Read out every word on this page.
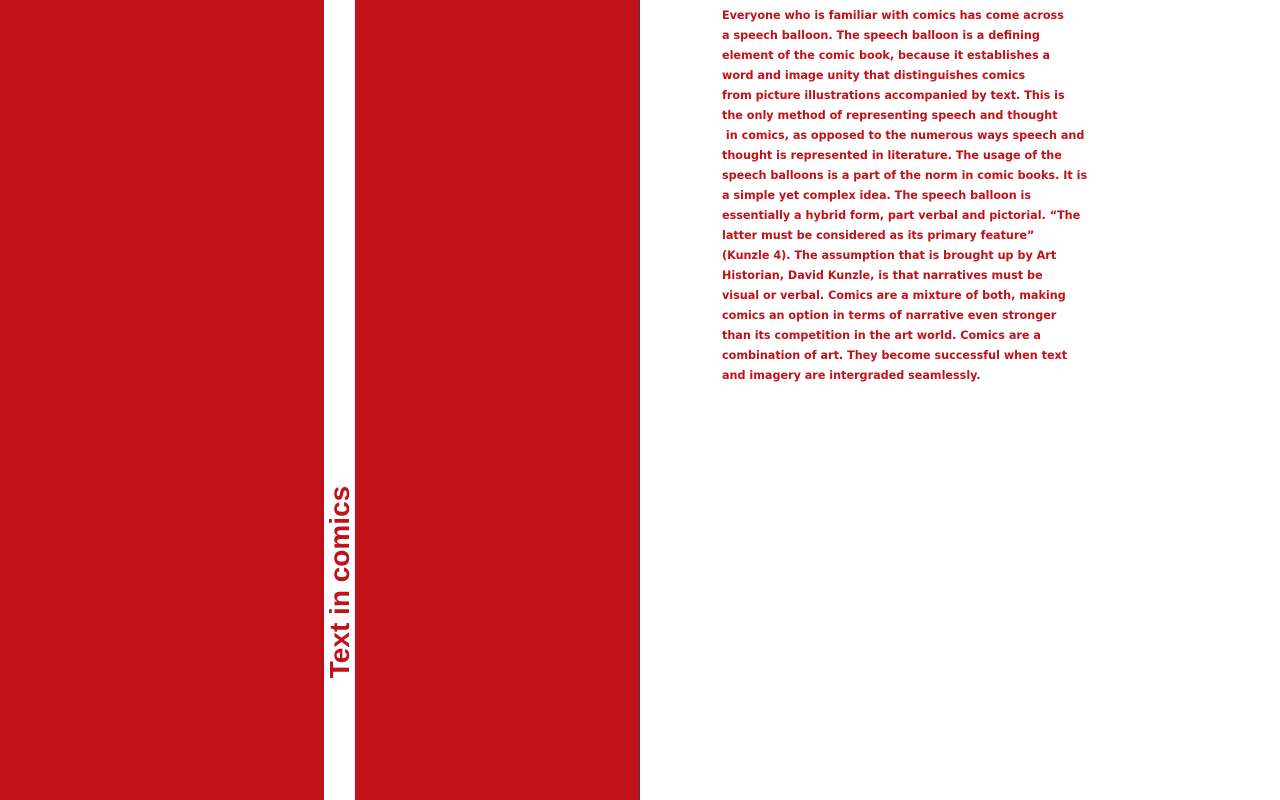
Text in comics
Everyone who is familiar with comics has come across
a speech balloon. The speech balloon is a defining
element of the comic book, because it establishes a
word and image unity that distinguishes comics
from picture illustrations accompanied by text. This is
the only method of representing speech and thought
in comics, as opposed to the numerous ways speech and
thought is represented in literature. The usage of the
speech balloons is a part of the norm in comic books. It is
a simple yet complex idea. The speech balloon is
essentially a hybrid form, part verbal and pictorial. “The
latter must be considered as its primary feature”
(Kunzle 4). The assumption that is brought up by Art
Historian, David Kunzle, is that narratives must be
visual or verbal. Comics are a mixture of both, making
comics an option in terms of narrative even stronger
than its competition in the art world. Comics are a
combination of art. They become successful when text
and imagery are intergraded seamlessly.
